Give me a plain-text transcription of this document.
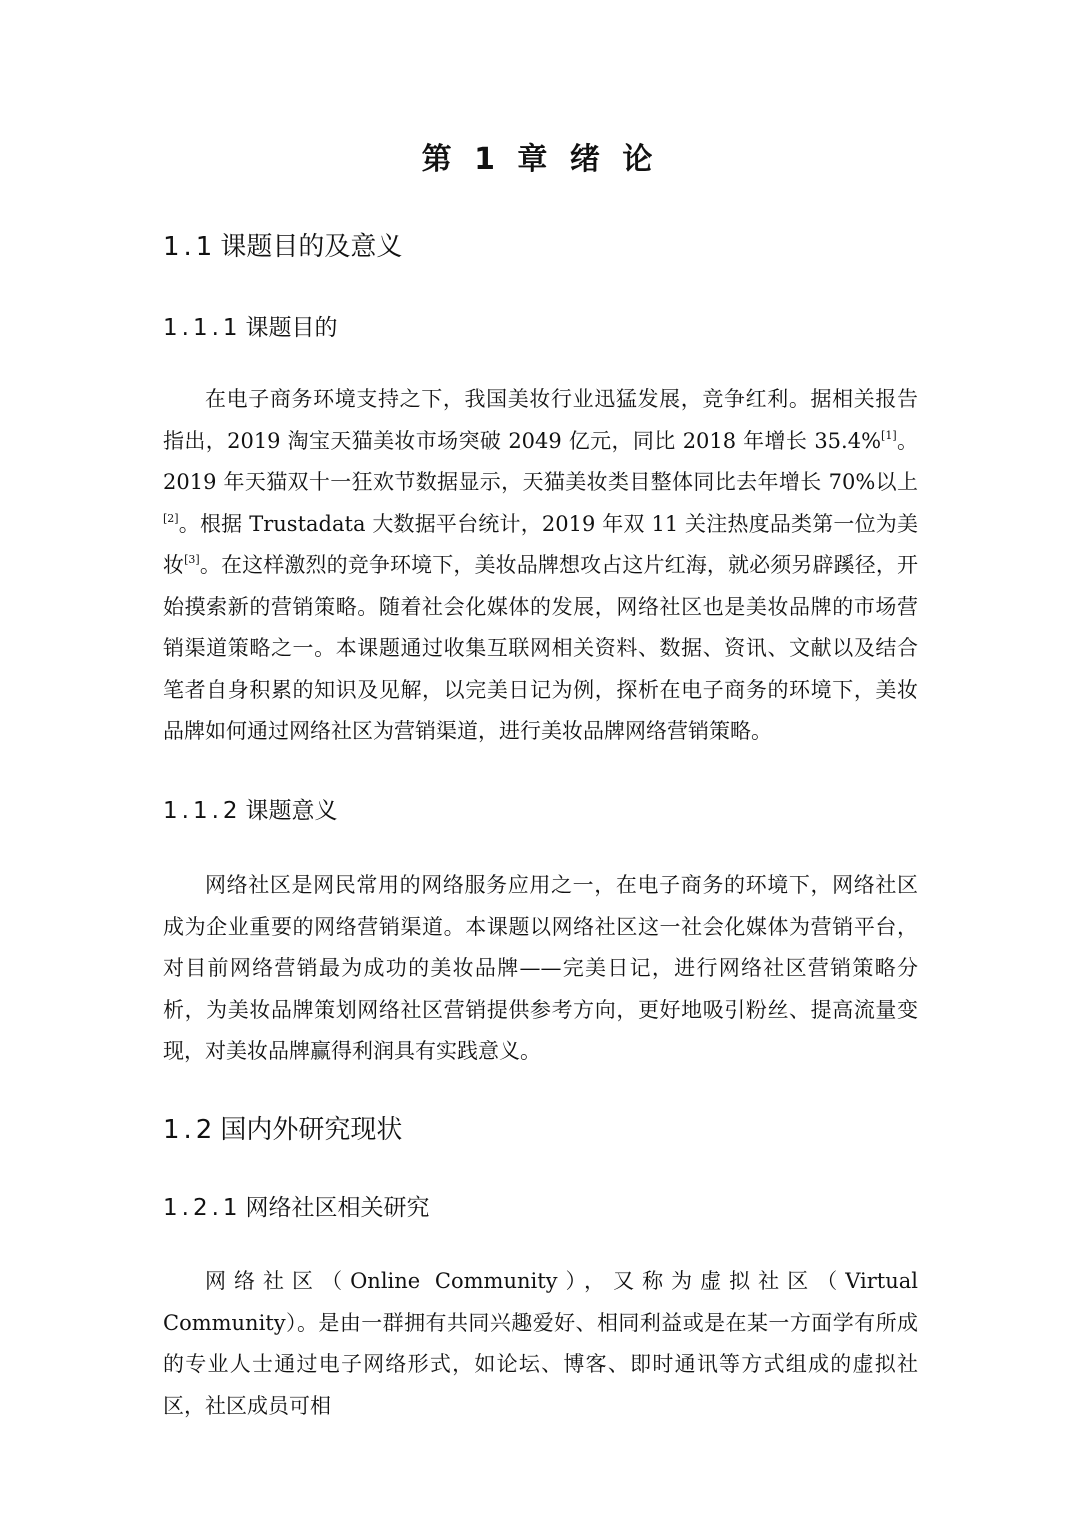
第 1 章 绪 论
1.1 课题目的及意义
1.1.1 课题目的

在电子商务环境支持之下，我国美妆行业迅猛发展，竞争红利。据相关报告指出，2019 淘宝天猫美妆市场突破 2049 亿元，同比 2018 年增长 35.4%[1]。2019 年天猫双十一狂欢节数据显示，天猫美妆类目整体同比去年增长 70%以上[2]。根据 Trustadata 大数据平台统计，2019 年双 11 关注热度品类第一位为美妆[3]。在这样激烈的竞争环境下，美妆品牌想攻占这片红海，就必须另辟蹊径，开始摸索新的营销策略。随着社会化媒体的发展，网络社区也是美妆品牌的市场营销渠道策略之一。本课题通过收集互联网相关资料、数据、资讯、文献以及结合笔者自身积累的知识及见解，以完美日记为例，探析在电子商务的环境下，美妆品牌如何通过网络社区为营销渠道，进行美妆品牌网络营销策略。

1.1.2 课题意义

网络社区是网民常用的网络服务应用之一，在电子商务的环境下，网络社区成为企业重要的网络营销渠道。本课题以网络社区这一社会化媒体为营销平台，对目前网络营销最为成功的美妆品牌——完美日记，进行网络社区营销策略分析，为美妆品牌策划网络社区营销提供参考方向，更好地吸引粉丝、提高流量变现，对美妆品牌赢得利润具有实践意义。

1.2 国内外研究现状
1.2.1 网络社区相关研究

网络社区（Online Community），又称为虚拟社区（Virtual Community）。是由一群拥有共同兴趣爱好、相同利益或是在某一方面学有所成的专业人士通过电子网络形式，如论坛、博客、即时通讯等方式组成的虚拟社区，社区成员可相
